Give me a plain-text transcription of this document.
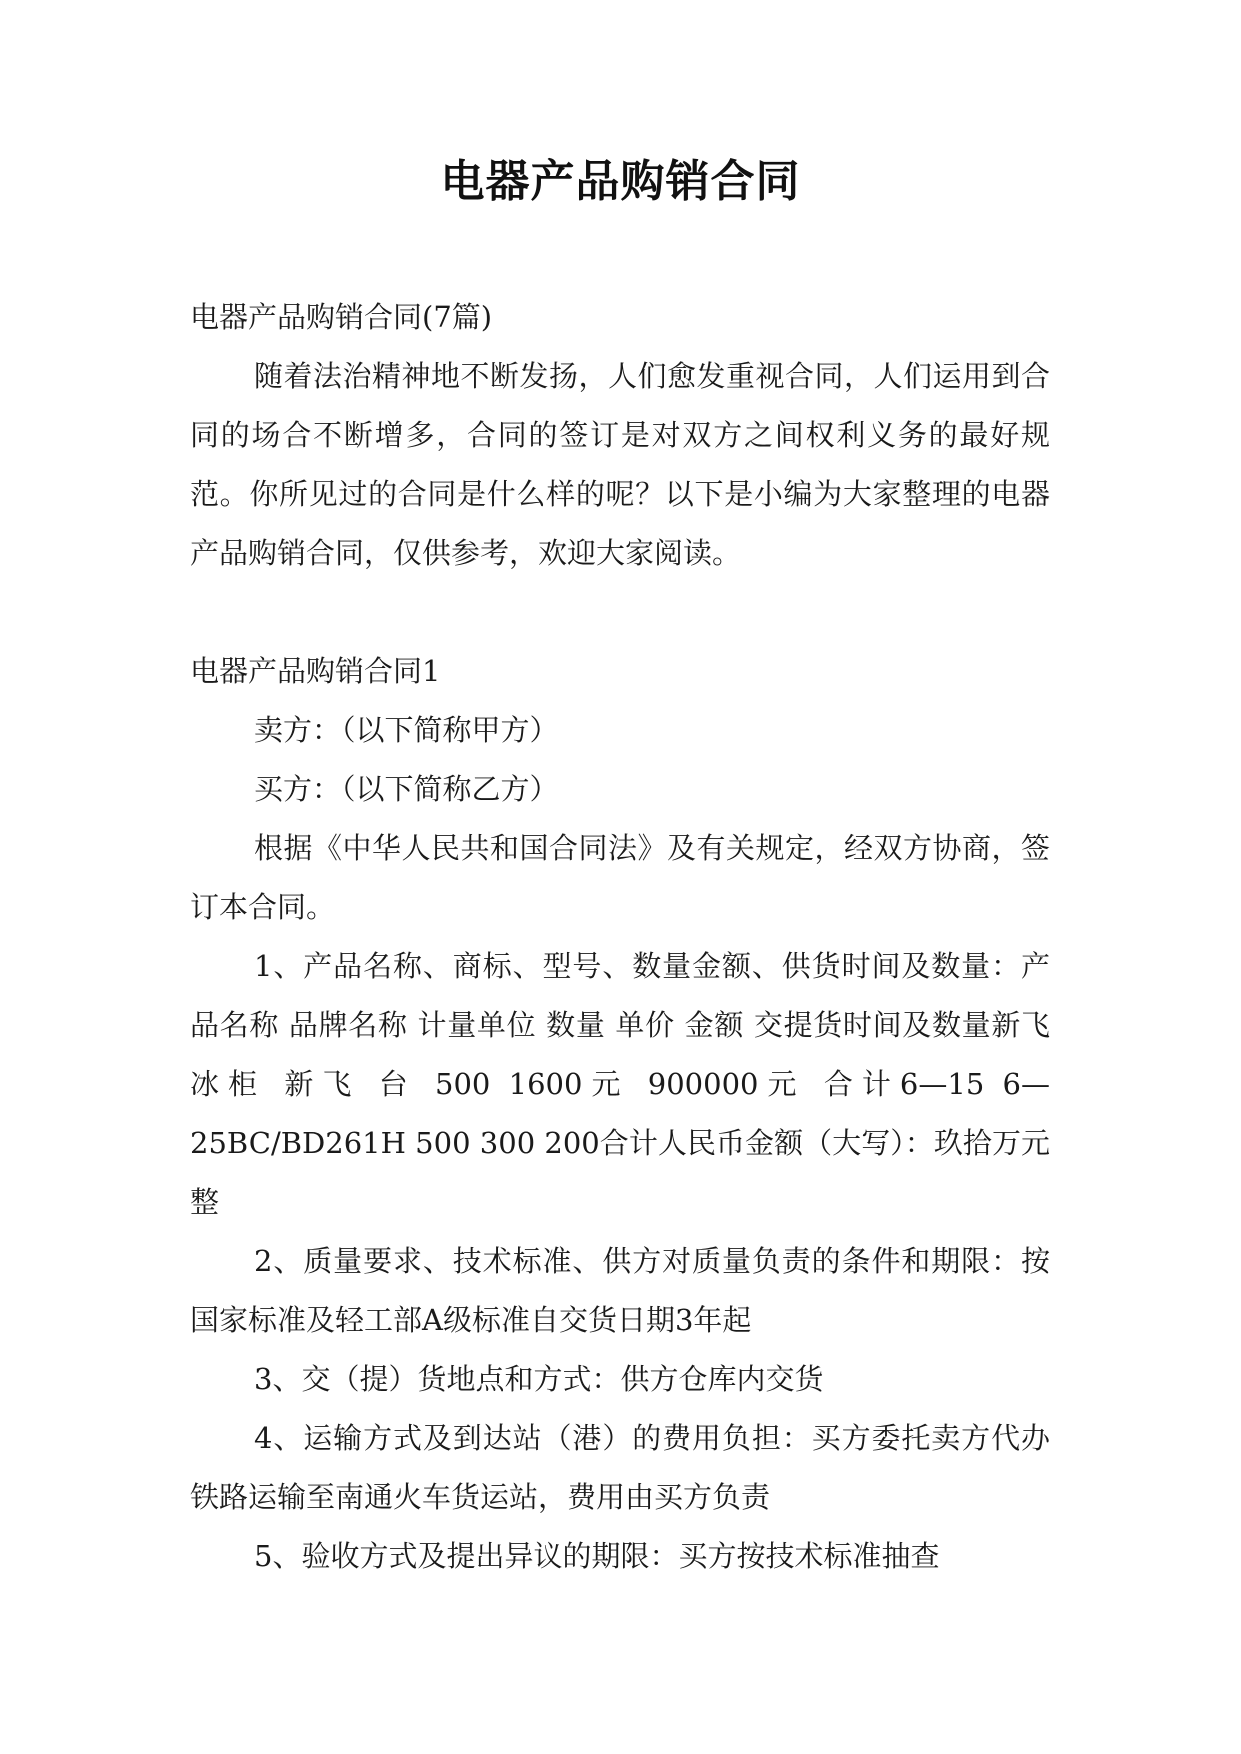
电器产品购销合同

电器产品购销合同(7篇)

随着法治精神地不断发扬，人们愈发重视合同，人们运用到合同的场合不断增多，合同的签订是对双方之间权利义务的最好规范。你所见过的合同是什么样的呢？以下是小编为大家整理的电器产品购销合同，仅供参考，欢迎大家阅读。

电器产品购销合同1

卖方：（以下简称甲方）

买方：（以下简称乙方）

根据《中华人民共和国合同法》及有关规定，经双方协商，签订本合同。

1、产品名称、商标、型号、数量金额、供货时间及数量：产品名称 品牌名称 计量单位 数量 单价 金额 交提货时间及数量新飞冰柜 新飞 台 500 1600元 900000元 合计6—15 6—25BC/BD261H 500 300 200合计人民币金额（大写）：玖拾万元整

2、质量要求、技术标准、供方对质量负责的条件和期限：按国家标准及轻工部A级标准自交货日期3年起

3、交（提）货地点和方式：供方仓库内交货

4、运输方式及到达站（港）的费用负担：买方委托卖方代办铁路运输至南通火车货运站，费用由买方负责

5、验收方式及提出异议的期限：买方按技术标准抽查
